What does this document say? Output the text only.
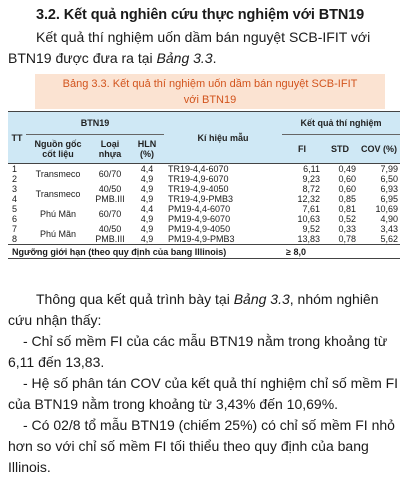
3.2. Kết quả nghiên cứu thực nghiệm với BTN19
Kết quả thí nghiệm uốn dầm bán nguyệt SCB-IFIT với BTN19 được đưa ra tại Bảng 3.3.
Bảng 3.3. Kết quả thí nghiệm uốn dầm bán nguyệt SCB-IFIT
với BTN19
TT	BTN19			Kí hiệu mẫu	Kết quả thí nghiệm		
	Nguồn gốc cốt liệu	Loại nhựa	HLN (%)		FI	STD	COV (%)
1	Transmeco	60/70	4,4	TR19-4,4-6070	6,11	0,49	7,99
2			4,9	TR19-4,9-6070	9,23	0,60	6,50
3	Transmeco	40/50	4,9	TR19-4,9-4050	8,72	0,60	6,93
4		PMB.III	4,9	TR19-4,9-PMB3	12,32	0,85	6,95
5	Phú Mãn	60/70	4,4	PM19-4,4-6070	7,61	0,81	10,69
6			4,9	PM19-4,9-6070	10,63	0,52	4,90
7	Phú Mãn	40/50	4,9	PM19-4,9-4050	9,52	0,33	3,43
8		PMB.III	4,9	PM19-4,9-PMB3	13,83	0,78	5,62
Ngưỡng giới hạn (theo quy định của bang Illinois)					≥ 8,0		
Thông qua kết quả trình bày tại Bảng 3.3, nhóm nghiên cứu nhận thấy:
- Chỉ số mềm FI của các mẫu BTN19 nằm trong khoảng từ 6,11 đến 13,83.
- Hệ số phân tán COV của kết quả thí nghiệm chỉ số mềm FI của BTN19 nằm trong khoảng từ 3,43% đến 10,69%.
- Có 02/8 tổ mẫu BTN19 (chiếm 25%) có chỉ số mềm FI nhỏ hơn so với chỉ số mềm FI tối thiểu theo quy định của bang Illinois.
